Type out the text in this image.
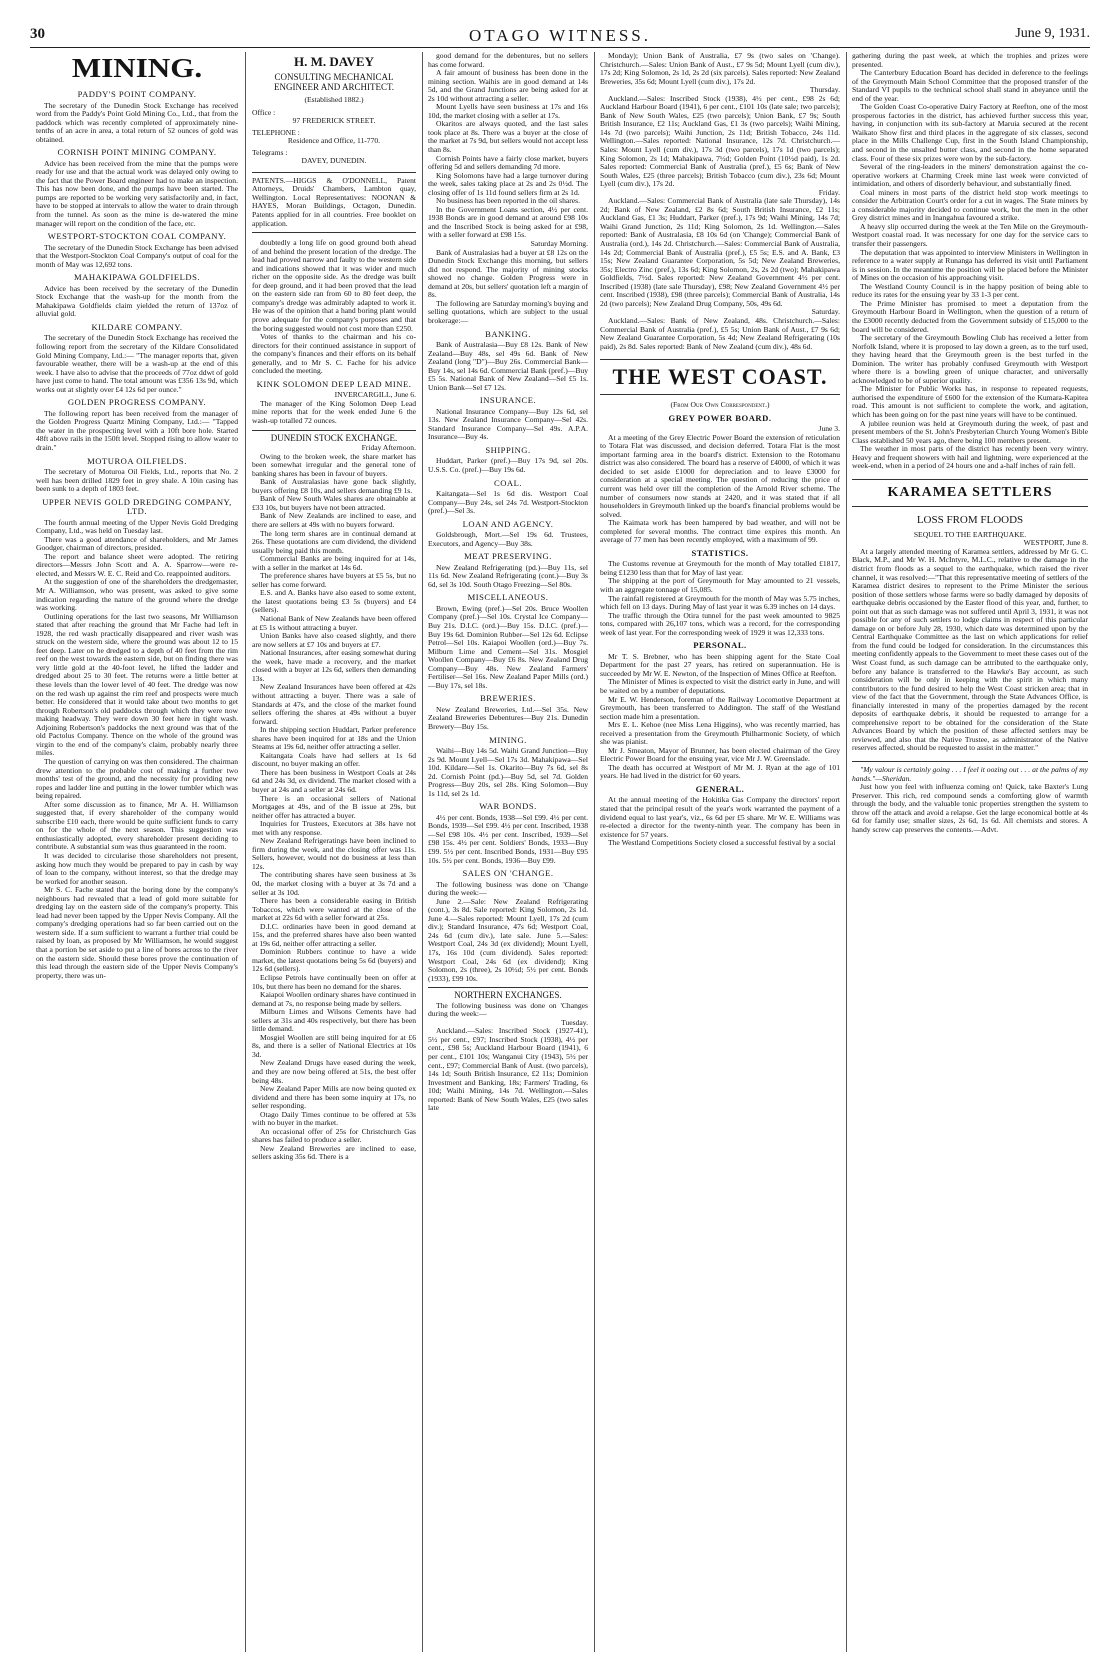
30	OTAGO WITNESS.	June 9, 1931.
MINING.
PADDY'S POINT COMPANY.

The secretary of the Dunedin Stock Exchange has received word from the Paddy's Point Gold Mining Co., Ltd., that from the paddock which was recently completed of approximately nine-tenths of an acre in area, a total return of 52 ounces of gold was obtained.

CORNISH POINT MINING COMPANY.

Advice has been received from the mine that the pumps were ready for use and that the actual work was delayed only owing to the fact that the Power Board engineer had to make an inspection. This has now been done, and the pumps have been started. The pumps are reported to be working very satisfactorily and, in fact, have to be stopped at intervals to allow the water to drain through from the tunnel. As soon as the mine is de-watered the mine manager will report on the condition of the face, etc.

WESTPORT-STOCKTON COAL COMPANY.

The secretary of the Dunedin Stock Exchange has been advised that the Westport-Stockton Coal Company's output of coal for the month of May was 12,692 tons.

MAHAKIPAWA GOLDFIELDS.

Advice has been received by the secretary of the Dunedin Stock Exchange that the wash-up for the month from the Mahakipawa Goldfields claim yielded the return of 137oz of alluvial gold.

KILDARE COMPANY.

The secretary of the Dunedin Stock Exchange has received the following report from the secretary of the Kildare Consolidated Gold Mining Company, Ltd.:— "The manager reports that, given favourable weather, there will be a wash-up at the end of this week. I have also to advise that the proceeds of 77oz ddwt of gold have just come to hand. The total amount was £356 13s 9d, which works out at slightly over £4 12s 6d per ounce."

GOLDEN PROGRESS COMPANY.

The following report has been received from the manager of the Golden Progress Quartz Mining Company, Ltd.:— "Tapped the water in the prospecting level with a 10ft bore hole. Started 48ft above rails in the 150ft level. Stopped rising to allow water to drain."

MOTUROA OILFIELDS.

The secretary of Moturoa Oil Fields, Ltd., reports that No. 2 well has been drilled 1829 feet in grey shale. A 10in casing has been sunk to a depth of 1803 feet.

UPPER NEVIS GOLD DREDGING COMPANY, LTD.

The fourth annual meeting of the Upper Nevis Gold Dredging Company, Ltd., was held on Tuesday last.

There was a good attendance of shareholders, and Mr James Goodger, chairman of directors, presided.

The report and balance sheet were adopted. The retiring directors—Messrs John Scott and A. A. Sparrow—were re-elected, and Messrs W. E. C. Reid and Co. reappointed auditors.

At the suggestion of one of the shareholders the dredgemaster, Mr A. Williamson, who was present, was asked to give some indication regarding the nature of the ground where the dredge was working.

Outlining operations for the last two seasons, Mr Williamson stated that after reaching the ground that Mr Fache had left in 1928, the red wash practically disappeared and river wash was struck on the western side, where the ground was about 12 to 15 feet deep. Later on he dredged to a depth of 40 feet from the rim reef on the west towards the eastern side, but on finding there was very little gold at the 40-foot level, he lifted the ladder and dredged about 25 to 30 feet. The returns were a little better at these levels than the lower level of 40 feet. The dredge was now on the red wash up against the rim reef and prospects were much better. He considered that it would take about two months to get through Robertson's old paddocks through which they were now making headway. They were down 30 feet here in tight wash. Adjoining Robertson's paddocks the next ground was that of the old Pactolus Company. Thence on the whole of the ground was virgin to the end of the company's claim, probably nearly three miles.

The question of carrying on was then considered. The chairman drew attention to the probable cost of making a further two months' test of the ground, and the necessity for providing new ropes and ladder line and putting in the lower tumbler which was being repaired.

After some discussion as to finance, Mr A. H. Williamson suggested that, if every shareholder of the company would subscribe £10 each, there would be quite sufficient funds to carry on for the whole of the next season. This suggestion was enthusiastically adopted, every shareholder present deciding to contribute. A substantial sum was thus guaranteed in the room.

It was decided to circularise those shareholders not present, asking how much they would be prepared to pay in cash by way of loan to the company, without interest, so that the dredge may be worked for another season.

Mr S. C. Fache stated that the boring done by the company's neighbours had revealed that a lead of gold more suitable for dredging lay on the eastern side of the company's property. This lead had never been tapped by the Upper Nevis Company. All the company's dredging operations had so far been carried out on the western side. If a sum sufficient to warrant a further trial could be raised by loan, as proposed by Mr Williamson, he would suggest that a portion be set aside to put a line of bores across to the river on the eastern side. Should these bores prove the continuation of this lead through the eastern side of the Upper Nevis Company's property, there was un-

H. M. DAVEY

CONSULTING MECHANICAL ENGINEER AND ARCHITECT.

(Established 1882.)

Office :

97 FREDERICK STREET.

TELEPHONE :

Residence and Office, 11-770.

Telegrams :

DAVEY, DUNEDIN.

PATENTS.—HIGGS & O'DONNELL, Patent Attorneys, Druids' Chambers, Lambton quay, Wellington. Local Representatives: NOONAN & HAYES, Moran Buildings, Octagon, Dunedin. Patents applied for in all countries. Free booklet on application.

doubtedly a long life on good ground both ahead of and behind the present location of the dredge. The lead had proved narrow and faulty to the western side and indications showed that it was wider and much richer on the opposite side. As the dredge was built for deep ground, and it had been proved that the lead on the eastern side ran from 60 to 80 feet deep, the company's dredge was admirably adapted to work it. He was of the opinion that a hand boring plant would prove adequate for the company's purposes and that the boring suggested would not cost more than £250.

Votes of thanks to the chairman and his co-directors for their continued assistance in support of the company's finances and their efforts on its behalf generally, and to Mr S. C. Fache for his advice concluded the meeting.

KINK SOLOMON DEEP LEAD MINE.

INVERCARGILL, June 6.

The manager of the King Solomon Deep Lead mine reports that for the week ended June 6 the wash-up totalled 72 ounces.

DUNEDIN STOCK EXCHANGE.

Friday Afternoon.

Owing to the broken week, the share market has been somewhat irregular and the general tone of banking shares has been in favour of buyers.

Bank of Australasias have gone back slightly, buyers offering £8 10s, and sellers demanding £9 1s.

Bank of New South Wales shares are obtainable at £33 10s, but buyers have not been attracted.

Bank of New Zealands are inclined to ease, and there are sellers at 49s with no buyers forward.

The long term shares are in continual demand at 26s. These quotations are cum dividend, the dividend usually being paid this month.

Commercial Banks are being inquired for at 14s, with a seller in the market at 14s 6d.

The preference shares have buyers at £5 5s, but no seller has come forward.

E.S. and A. Banks have also eased to some extent, the latest quotations being £3 5s (buyers) and £4 (sellers).

National Bank of New Zealands have been offered at £5 1s without attracting a buyer.

Union Banks have also ceased slightly, and there are now sellers at £7 10s and buyers at £7.

National Insurances, after easing somewhat during the week, have made a recovery, and the market closed with a buyer at 12s 6d, sellers then demanding 13s.

New Zealand Insurances have been offered at 42s without attracting a buyer. There was a sale of Standards at 47s, and the close of the market found sellers offering the shares at 49s without a buyer forward.

In the shipping section Huddart, Parker preference shares have been inquired for at 18s and the Union Steams at 19s 6d, neither offer attracting a seller.

Kaitangata Coals have had sellers at 1s 6d discount, no buyer making an offer.

There has been business in Westport Coals at 24s 6d and 24s 3d, ex dividend. The market closed with a buyer at 24s and a seller at 24s 6d.

There is an occasional sellers of National Mortgages at 49s, and of the B issue at 29s, but neither offer has attracted a buyer.

Inquiries for Trustees, Executors at 38s have not met with any response.

New Zealand Refrigeratings have been inclined to firm during the week, and the closing offer was 11s. Sellers, however, would not do business at less than 12s.

The contributing shares have seen business at 3s 0d, the market closing with a buyer at 3s 7d and a seller at 3s 10d.

There has been a considerable easing in British Tobaccos, which were wanted at the close of the market at 22s 6d with a seller forward at 25s.

D.I.C. ordinaries have been in good demand at 15s, and the preferred shares have also been wanted at 19s 6d, neither offer attracting a seller.

Dominion Rubbers continue to have a wide market, the latest quotations being 5s 6d (buyers) and 12s 6d (sellers).

Eclipse Petrols have continually been on offer at 10s, but there has been no demand for the shares.

Kaiapoi Woollen ordinary shares have continued in demand at 7s, no response being made by sellers.

Milburn Limes and Wilsons Cements have had sellers at 31s and 40s respectively, but there has been little demand.

Mosgiel Woollen are still being inquired for at £6 8s, and there is a seller of National Electrics at 10s 3d.

New Zealand Drugs have eased during the week, and they are now being offered at 51s, the best offer being 48s.

New Zealand Paper Mills are now being quoted ex dividend and there has been some inquiry at 17s, no seller responding.

Otago Daily Times continue to be offered at 53s with no buyer in the market.

An occasional offer of 25s for Christchurch Gas shares has failed to produce a seller.

New Zealand Breweries are inclined to ease, sellers asking 35s 6d. There is a

good demand for the debentures, but no sellers has come forward.

A fair amount of business has been done in the mining section. Waihis are in good demand at 14s 5d, and the Grand Junctions are being asked for at 2s 10d without attracting a seller.

Mount Lyells have seen business at 17s and 16s 10d, the market closing with a seller at 17s.

Okaritos are always quoted, and the last sales took place at 8s. There was a buyer at the close of the market at 7s 9d, but sellers would not accept less than 8s.

Cornish Points have a fairly close market, buyers offering 5d and sellers demanding 7d more.

King Solomons have had a large turnover during the week, sales taking place at 2s and 2s 0½d. The closing offer of 1s 11d found sellers firm at 2s 1d.

No business has been reported in the oil shares.

In the Government Loans section, 4½ per cent. 1938 Bonds are in good demand at around £98 10s and the Inscribed Stock is being asked for at £98, with a seller forward at £98 15s.

Saturday Morning.

Bank of Australasias had a buyer at £8 12s on the Dunedin Stock Exchange this morning, but sellers did not respond. The majority of mining stocks showed no change. Golden Progress were in demand at 20s, but sellers' quotation left a margin of 8s.

The following are Saturday morning's buying and selling quotations, which are subject to the usual brokerage:—

BANKING.

Bank of Australasia—Buy £8 12s. Bank of New Zealand—Buy 48s, sel 49s 6d. Bank of New Zealand (long "D")—Buy 26s. Commercial Bank—Buy 14s, sel 14s 6d. Commercial Bank (pref.)—Buy £5 5s. National Bank of New Zealand—Sel £5 1s. Union Bank—Sel £7 12s.

INSURANCE.

National Insurance Company—Buy 12s 6d, sel 13s. New Zealand Insurance Company—Sel 42s. Standard Insurance Company—Sel 49s. A.P.A. Insurance—Buy 4s.

SHIPPING.

Huddart, Parker (pref.)—Buy 17s 9d, sel 20s. U.S.S. Co. (pref.)—Buy 19s 6d.

COAL.

Kaitangata—Sel 1s 6d dis. Westport Coal Company—Buy 24s, sel 24s 7d. Westport-Stockton (pref.)—Sel 3s.

LOAN AND AGENCY.

Goldsbrough, Mort.—Sel 19s 6d. Trustees, Executors, and Agency—Buy 38s.

MEAT PRESERVING.

New Zealand Refrigerating (pd.)—Buy 11s, sel 11s 6d. New Zealand Refrigerating (cont.)—Buy 3s 6d, sel 3s 10d. South Otago Freezing—Sel 80s.

MISCELLANEOUS.

Brown, Ewing (pref.)—Sel 20s. Bruce Woollen Company (pref.)—Sel 10s. Crystal Ice Company—Buy 21s. D.I.C. (ord.)—Buy 15s. D.I.C. (pref.)—Buy 19s 6d. Dominion Rubber—Sel 12s 6d. Eclipse Petrol—Sel 10s. Kaiapoi Woollen (ord.)—Buy 7s. Milburn Lime and Cement—Sel 31s. Mosgiel Woollen Company—Buy £6 8s. New Zealand Drug Company—Buy 48s. New Zealand Farmers' Fertiliser—Sel 16s. New Zealand Paper Mills (ord.)—Buy 17s, sel 18s.

BREWERIES.

New Zealand Breweries, Ltd.—Sel 35s. New Zealand Breweries Debentures—Buy 21s. Dunedin Brewery—Buy 15s.

MINING.

Waihi—Buy 14s 5d. Waihi Grand Junction—Buy 2s 9d. Mount Lyell—Sel 17s 3d. Mahakipawa—Sel 10d. Kildare—Sel 1s. Okarito—Buy 7s 6d, sel 8s 2d. Cornish Point (pd.)—Buy 5d, sel 7d. Golden Progress—Buy 20s, sel 28s. King Solomon—Buy 1s 11d, sel 2s 1d.

WAR BONDS.

4½ per cent. Bonds, 1938—Sel £99. 4½ per cent. Bonds, 1939—Sel £99. 4½ per cent. Inscribed, 1938—Sel £98 10s. 4½ per cent. Inscribed, 1939—Sel £98 15s. 4½ per cent. Soldiers' Bonds, 1933—Buy £99. 5½ per cent. Inscribed Bonds, 1931—Buy £95 10s. 5½ per cent. Bonds, 1936—Buy £99.

SALES ON 'CHANGE.

The following business was done on 'Change during the week:—

June 2.—Sale: New Zealand Refrigerating (cont.), 3s 8d. Sale reported: King Solomon, 2s 1d. June 4.—Sales reported: Mount Lyell, 17s 2d (cum div.); Standard Insurance, 47s 6d; Westport Coal, 24s 6d (cum div.), late sale. June 5.—Sales: Westport Coal, 24s 3d (ex dividend); Mount Lyell, 17s, 16s 10d (cum dividend). Sales reported: Westport Coal, 24s 6d (ex dividend); King Solomon, 2s (three), 2s 10½d; 5½ per cent. Bonds (1933), £99 10s.

NORTHERN EXCHANGES.

The following business was done on 'Changes during the week:—

Tuesday.

Auckland.—Sales: Inscribed Stock (1927-41), 5½ per cent., £97; Inscribed Stock (1938), 4½ per cent., £98 5s; Auckland Harbour Board (1941), 6 per cent., £101 10s; Wanganui City (1943), 5½ per cent., £97; Commercial Bank of Aust. (two parcels), 14s 1d; South British Insurance, £2 11s; Dominion Investment and Banking, 18s; Farmers' Trading, 6s 10d; Waihi Mining, 14s 7d. Wellington.—Sales reported: Bank of New South Wales, £25 (two sales late

Monday); Union Bank of Australia, £7 9s (two sales on 'Change). Christchurch.—Sales: Union Bank of Aust., £7 9s 5d; Mount Lyell (cum div.), 17s 2d; King Solomon, 2s 1d, 2s 2d (six parcels). Sales reported: New Zealand Breweries, 35s 6d; Mount Lyell (cum div.), 17s 2d.

Thursday.

Auckland.—Sales: Inscribed Stock (1938), 4½ per cent., £98 2s 6d; Auckland Harbour Board (1941), 6 per cent., £101 10s (late sale; two parcels); Bank of New South Wales, £25 (two parcels); Union Bank, £7 9s; South British Insurance, £2 11s; Auckland Gas, £1 3s (two parcels); Waihi Mining, 14s 7d (two parcels); Waihi Junction, 2s 11d; British Tobacco, 24s 11d. Wellington.—Sales reported: National Insurance, 12s 7d. Christchurch.—Sales: Mount Lyell (cum div.), 17s 3d (two parcels), 17s 1d (two parcels); King Solomon, 2s 1d; Mahakipawa, 7½d; Golden Point (10½d paid), 1s 2d. Sales reported: Commercial Bank of Australia (pref.), £5 6s; Bank of New South Wales, £25 (three parcels); British Tobacco (cum div.), 23s 6d; Mount Lyell (cum div.), 17s 2d.

Friday.

Auckland.—Sales: Commercial Bank of Australia (late sale Thursday), 14s 2d; Bank of New Zealand, £2 8s 6d; South British Insurance, £2 11s; Auckland Gas, £1 3s; Huddart, Parker (pref.), 17s 9d; Waihi Mining, 14s 7d; Waihi Grand Junction, 2s 11d; King Solomon, 2s 1d. Wellington.—Sales reported: Bank of Australasia, £8 10s 6d (on 'Change); Commercial Bank of Australia (ord.), 14s 2d. Christchurch.—Sales: Commercial Bank of Australia, 14s 2d; Commercial Bank of Australia (pref.), £5 5s; E.S. and A. Bank, £3 15s; New Zealand Guarantee Corporation, 5s 5d; New Zealand Breweries, 35s; Electro Zinc (pref.), 13s 6d; King Solomon, 2s, 2s 2d (two); Mahakipawa Goldfields, 7½d. Sales reported: New Zealand Government 4½ per cent. Inscribed (1938) (late sale Thursday), £98; New Zealand Government 4½ per cent. Inscribed (1938), £98 (three parcels); Commercial Bank of Australia, 14s 2d (two parcels); New Zealand Drug Company, 50s, 49s 6d.

Saturday.

Auckland.—Sales: Bank of New Zealand, 48s. Christchurch.—Sales: Commercial Bank of Australia (pref.), £5 5s; Union Bank of Aust., £7 9s 6d; New Zealand Guarantee Corporation, 5s 4d; New Zealand Refrigerating (10s paid), 2s 8d. Sales reported: Bank of New Zealand (cum div.), 48s 6d.

THE WEST COAST.

(From Our Own Correspondent.)

GREY POWER BOARD.

June 3.

At a meeting of the Grey Electric Power Board the extension of reticulation to Totara Flat was discussed, and decision deferred. Totara Flat is the most important farming area in the board's district. Extension to the Rotomanu district was also considered. The board has a reserve of £4000, of which it was decided to set aside £1000 for depreciation and to leave £3000 for consideration at a special meeting. The question of reducing the price of current was held over till the completion of the Arnold River scheme. The number of consumers now stands at 2420, and it was stated that if all householders in Greymouth linked up the board's financial problems would be solved.

The Kaimata work has been hampered by bad weather, and will not be completed for several months. The contract time expires this month. An average of 77 men has been recently employed, with a maximum of 99.

STATISTICS.

The Customs revenue at Greymouth for the month of May totalled £1817, being £1230 less than that for May of last year.

The shipping at the port of Greymouth for May amounted to 21 vessels, with an aggregate tonnage of 15,085.

The rainfall registered at Greymouth for the month of May was 5.75 inches, which fell on 13 days. During May of last year it was 6.39 inches on 14 days.

The traffic through the Otira tunnel for the past week amounted to 9825 tons, compared with 26,107 tons, which was a record, for the corresponding week of last year. For the corresponding week of 1929 it was 12,333 tons.

PERSONAL.

Mr T. S. Brebner, who has been shipping agent for the State Coal Department for the past 27 years, has retired on superannuation. He is succeeded by Mr W. E. Newton, of the Inspection of Mines Office at Reefton.

The Minister of Mines is expected to visit the district early in June, and will be waited on by a number of deputations.

Mr E. W. Henderson, foreman of the Railway Locomotive Department at Greymouth, has been transferred to Addington. The staff of the Westland section made him a presentation.

Mrs E. L. Kehoe (nee Miss Lena Higgins), who was recently married, has received a presentation from the Greymouth Philharmonic Society, of which she was pianist.

Mr J. Smeaton, Mayor of Brunner, has been elected chairman of the Grey Electric Power Board for the ensuing year, vice Mr J. W. Greenslade.

The death has occurred at Westport of Mr M. J. Ryan at the age of 101 years. He had lived in the district for 60 years.

GENERAL.

At the annual meeting of the Hokitika Gas Company the directors' report stated that the principal result of the year's work warranted the payment of a dividend equal to last year's, viz., 6s 6d per £5 share. Mr W. E. Williams was re-elected a director for the twenty-ninth year. The company has been in existence for 57 years.

The Westland Competitions Society closed a successful festival by a social

gathering during the past week, at which the trophies and prizes were presented.

The Canterbury Education Board has decided in deference to the feelings of the Greymouth Main School Committee that the proposed transfer of the Standard VI pupils to the technical school shall stand in abeyance until the end of the year.

The Golden Coast Co-operative Dairy Factory at Reefton, one of the most prosperous factories in the district, has achieved further success this year, having, in conjunction with its sub-factory at Maruia secured at the recent Waikato Show first and third places in the aggregate of six classes, second place in the Mills Challenge Cup, first in the South Island Championship, and second in the unsalted butter class, and second in the home separated class. Four of these six prizes were won by the sub-factory.

Several of the ring-leaders in the miners' demonstration against the co-operative workers at Charming Creek mine last week were convicted of intimidation, and others of disorderly behaviour, and substantially fined.

Coal miners in most parts of the district held stop work meetings to consider the Arbitration Court's order for a cut in wages. The State miners by a considerable majority decided to continue work, but the men in the other Grey district mines and in Inangahua favoured a strike.

A heavy slip occurred during the week at the Ten Mile on the Greymouth-Westport coastal road. It was necessary for one day for the service cars to transfer their passengers.

The deputation that was appointed to interview Ministers in Wellington in reference to a water supply at Runanga has deferred its visit until Parliament is in session. In the meantime the position will be placed before the Minister of Mines on the occasion of his approaching visit.

The Westland County Council is in the happy position of being able to reduce its rates for the ensuing year by 33 1-3 per cent.

The Prime Minister has promised to meet a deputation from the Greymouth Harbour Board in Wellington, when the question of a return of the £3000 recently deducted from the Government subsidy of £15,000 to the board will be considered.

The secretary of the Greymouth Bowling Club has received a letter from Norfolk Island, where it is proposed to lay down a green, as to the turf used, they having heard that the Greymouth green is the best turfed in the Dominion. The writer has probably confused Greymouth with Westport where there is a bowling green of unique character, and universally acknowledged to be of superior quality.

The Minister for Public Works has, in response to repeated requests, authorised the expenditure of £600 for the extension of the Kumara-Kapitea road. This amount is not sufficient to complete the work, and agitation, which has been going on for the past nine years will have to be continued.

A jubilee reunion was held at Greymouth during the week, of past and present members of the St. John's Presbyterian Church Young Women's Bible Class established 50 years ago, there being 100 members present.

The weather in most parts of the district has recently been very wintry. Heavy and frequent showers with hail and lightning, were experienced at the week-end, when in a period of 24 hours one and a-half inches of rain fell.

KARAMEA SETTLERS
LOSS FROM FLOODS

SEQUEL TO THE EARTHQUAKE.

WESTPORT, June 8.

At a largely attended meeting of Karamea settlers, addressed by Mr G. C. Black, M.P., and Mr W. H. McIntyre, M.L.C., relative to the damage in the district from floods as a sequel to the earthquake, which raised the river channel, it was resolved:—"That this representative meeting of settlers of the Karamea district desires to represent to the Prime Minister the serious position of those settlers whose farms were so badly damaged by deposits of earthquake debris occasioned by the Easter flood of this year, and, further, to point out that as such damage was not suffered until April 3, 1931, it was not possible for any of such settlers to lodge claims in respect of this particular damage on or before July 28, 1930, which date was determined upon by the Central Earthquake Committee as the last on which applications for relief from the fund could be lodged for consideration. In the circumstances this meeting confidently appeals to the Government to meet these cases out of the West Coast fund, as such damage can be attributed to the earthquake only, before any balance is transferred to the Hawke's Bay account, as such consideration will be only in keeping with the spirit in which many contributors to the fund desired to help the West Coast stricken area; that in view of the fact that the Government, through the State Advances Office, is financially interested in many of the properties damaged by the recent deposits of earthquake debris, it should be requested to arrange for a comprehensive report to be obtained for the consideration of the State Advances Board by which the position of these affected settlers may be reviewed, and also that the Native Trustee, as administrator of the Native reserves affected, should be requested to assist in the matter."

"My valour is certainly going . . . I feel it oozing out . . . at the palms of my hands."—Sheridan.

Just how you feel with influenza coming on! Quick, take Baxter's Lung Preserver. This rich, red compound sends a comforting glow of warmth through the body, and the valuable tonic properties strengthen the system to throw off the attack and avoid a relapse. Get the large economical bottle at 4s 6d for family use; smaller sizes, 2s 6d, 1s 6d. All chemists and stores. A handy screw cap preserves the contents.—Advt.
